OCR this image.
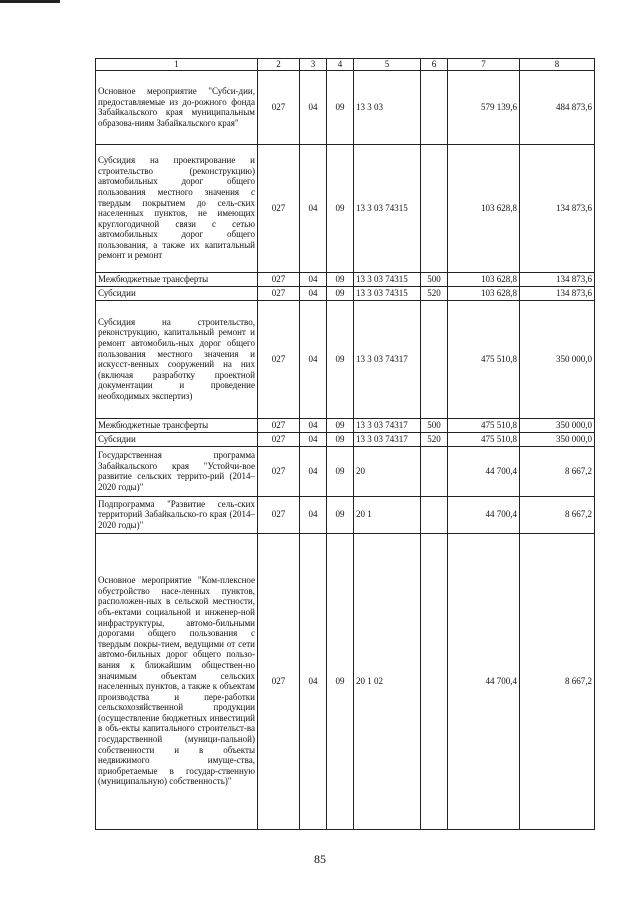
1	2	3	4	5	6	7	8
Основное мероприятие "Субси-дии, предоставляемые из до-рожного фонда Забайкальского края муниципальным образова-ниям Забайкальского края"	027	04	09	13 3 03		579 139,6	484 873,6
Субсидия на проектирование и строительство (реконструкцию) автомобильных дорог общего пользования местного значения с твердым покрытием до сель-ских населенных пунктов, не имеющих круглогодичной связи с сетью автомобильных дорог общего пользования, а также их капитальный ремонт и ремонт	027	04	09	13 3 03 74315		103 628,8	134 873,6
Межбюджетные трансферты	027	04	09	13 3 03 74315	500	103 628,8	134 873,6
Субсидии	027	04	09	13 3 03 74315	520	103 628,8	134 873,6
Субсидия на строительство, реконструкцию, капитальный ремонт и ремонт автомобиль-ных дорог общего пользования местного значения и искусст-венных сооружений на них (включая разработку проектной документации и проведение необходимых экспертиз)	027	04	09	13 3 03 74317		475 510,8	350 000,0
Межбюджетные трансферты	027	04	09	13 3 03 74317	500	475 510,8	350 000,0
Субсидии	027	04	09	13 3 03 74317	520	475 510,8	350 000,0
Государственная программа Забайкальского края "Устойчи-вое развитие сельских террито-рий (2014–2020 годы)"	027	04	09	20		44 700,4	8 667,2
Подпрограмма "Развитие сель-ских территорий Забайкальско-го края (2014–2020 годы)"	027	04	09	20 1		44 700,4	8 667,2
Основное мероприятие "Ком-плексное обустройство насе-ленных пунктов, расположен-ных в сельской местности, объ-ектами социальной и инженер-ной инфраструктуры, автомо-бильными дорогами общего пользования с твердым покры-тием, ведущими от сети автомо-бильных дорог общего пользо-вания к ближайшим обществен-но значимым объектам сельских населенных пунктов, а также к объектам производства и пере-работки сельскохозяйственной продукции (осуществление бюджетных инвестиций в объ-екты капитального строительст-ва государственной (муници-пальной) собственности и в объекты недвижимого имуще-ства, приобретаемые в государ-ственную (муниципальную) собственность)"	027	04	09	20 1 02		44 700,4	8 667,2
85
